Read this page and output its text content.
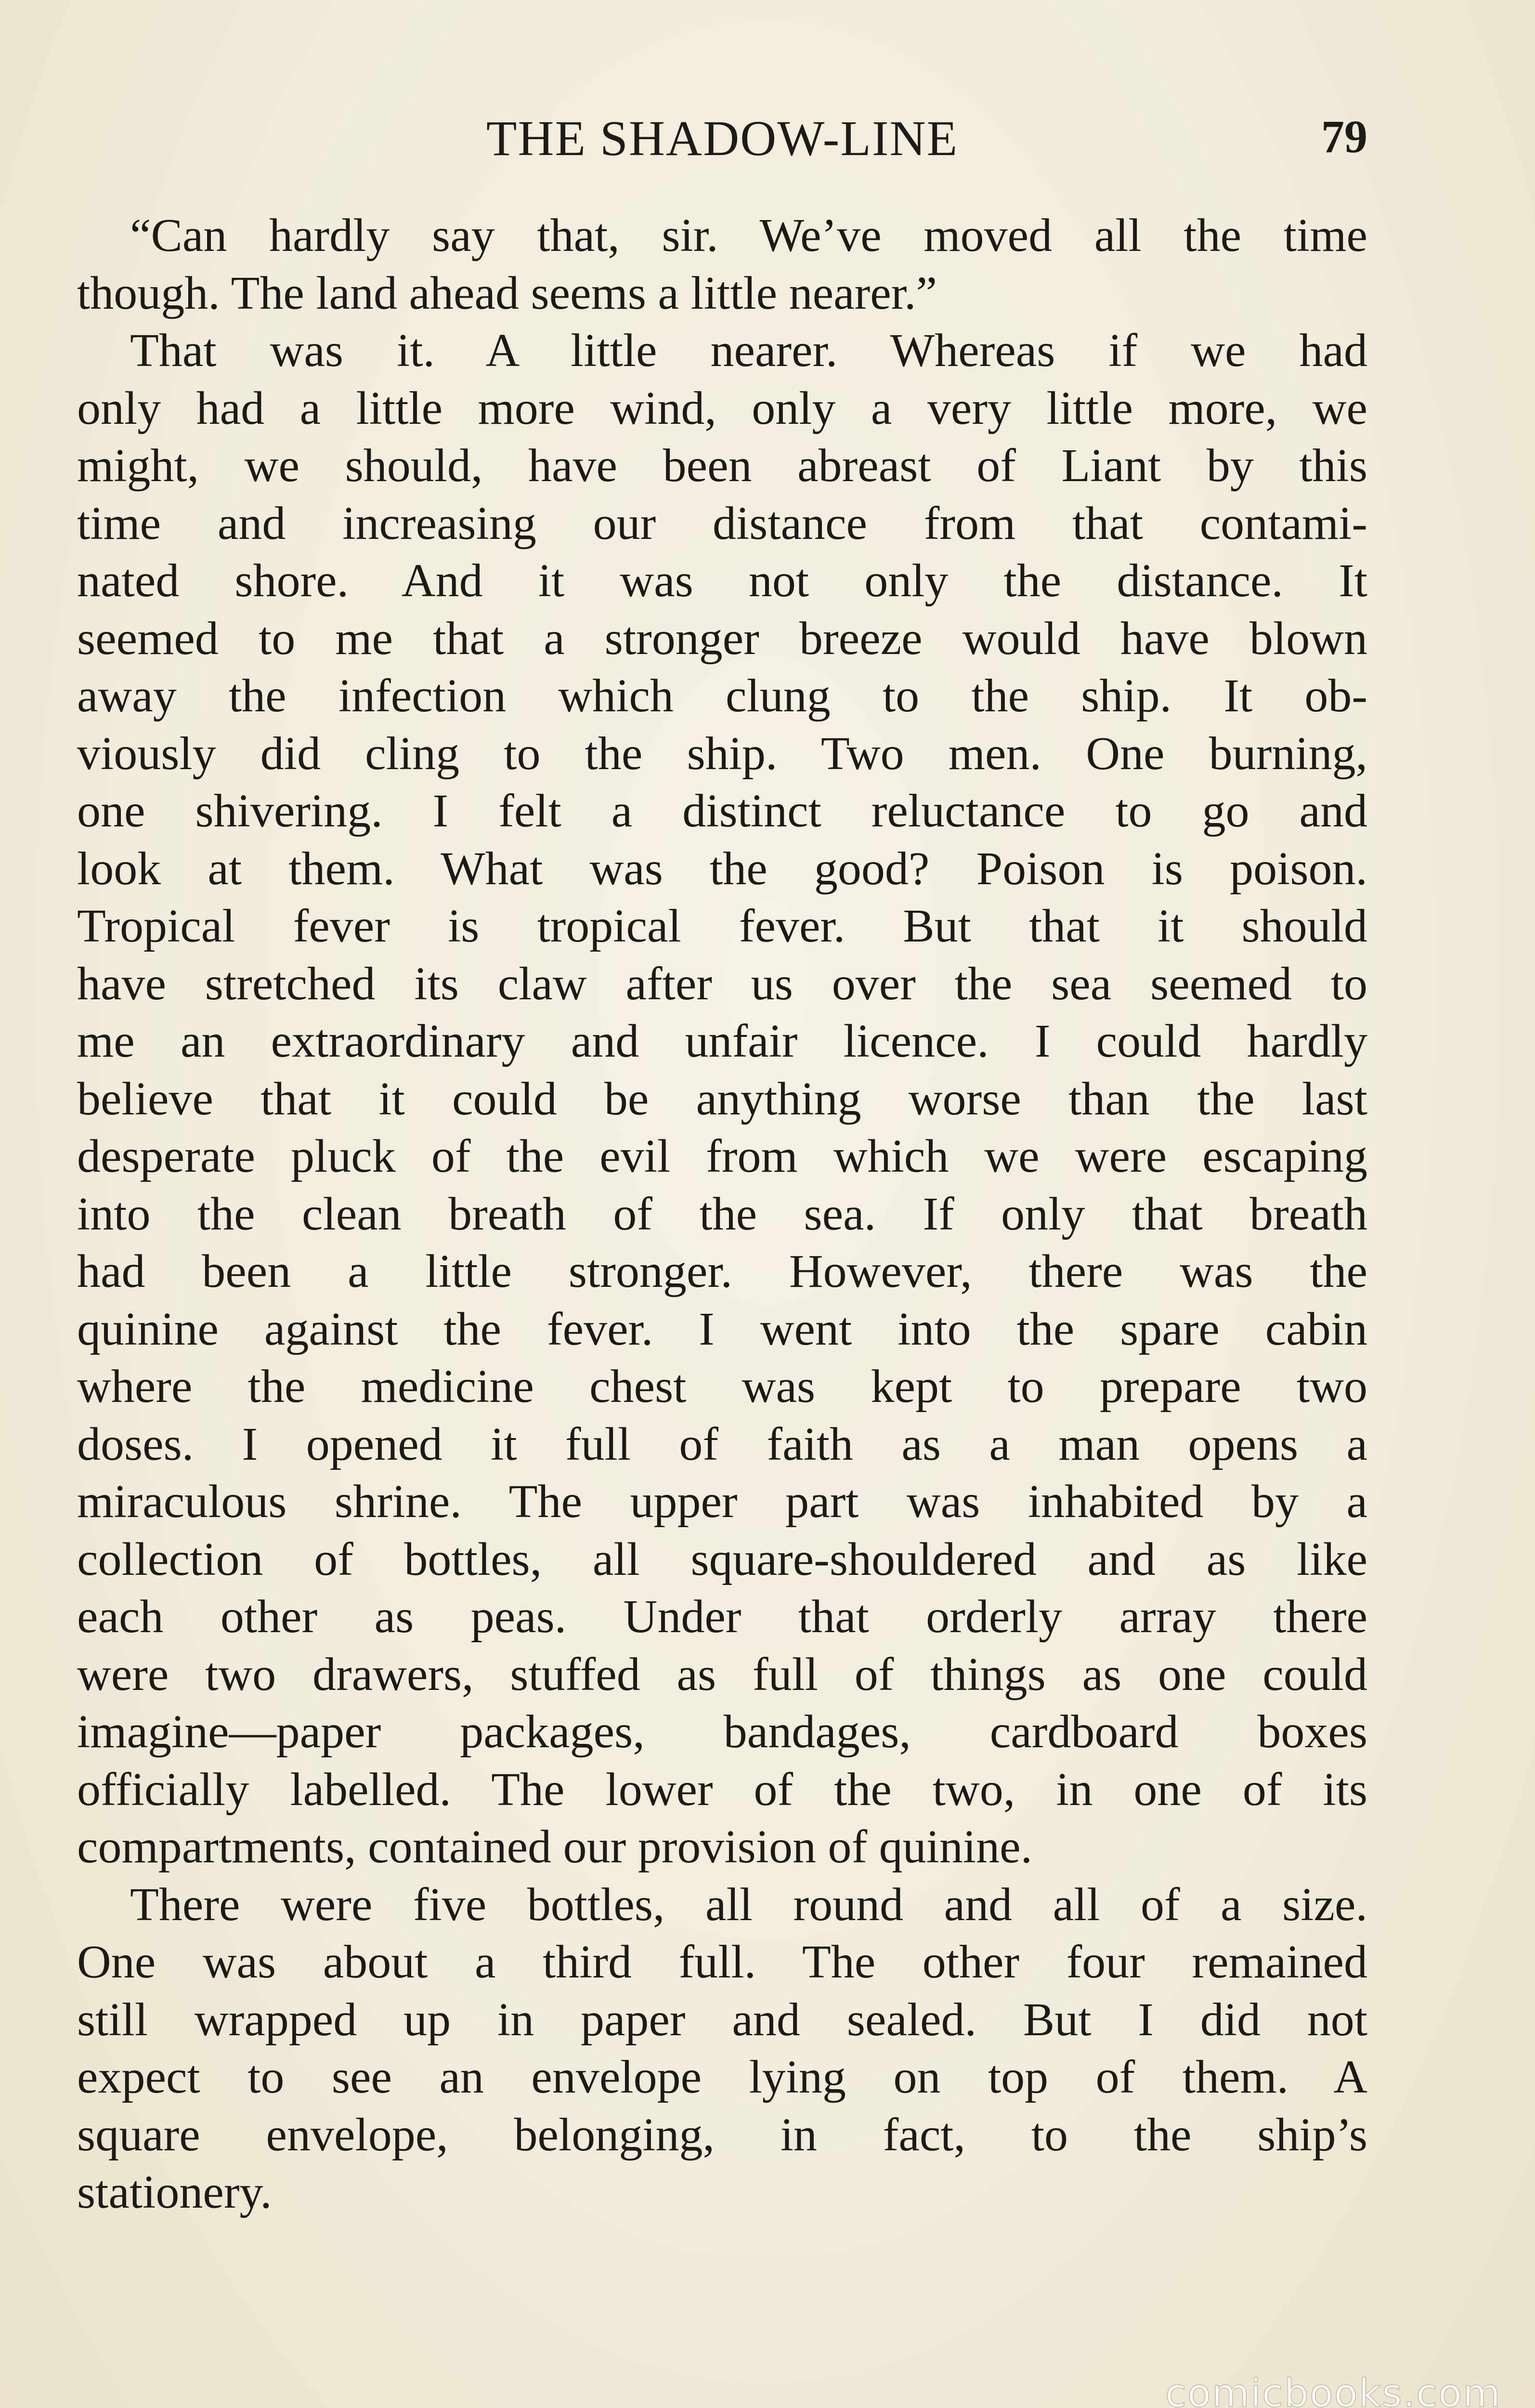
THE SHADOW-LINE	79
“Can hardly say that, sir. We’ve moved all the time
though. The land ahead seems a little nearer.”
That was it. A little nearer. Whereas if we had
only had a little more wind, only a very little more, we
might, we should, have been abreast of Liant by this
time and increasing our distance from that contami-
nated shore. And it was not only the distance. It
seemed to me that a stronger breeze would have blown
away the infection which clung to the ship. It ob-
viously did cling to the ship. Two men. One burning,
one shivering. I felt a distinct reluctance to go and
look at them. What was the good? Poison is poison.
Tropical fever is tropical fever. But that it should
have stretched its claw after us over the sea seemed to
me an extraordinary and unfair licence. I could hardly
believe that it could be anything worse than the last
desperate pluck of the evil from which we were escaping
into the clean breath of the sea. If only that breath
had been a little stronger. However, there was the
quinine against the fever. I went into the spare cabin
where the medicine chest was kept to prepare two
doses. I opened it full of faith as a man opens a
miraculous shrine. The upper part was inhabited by a
collection of bottles, all square-shouldered and as like
each other as peas. Under that orderly array there
were two drawers, stuffed as full of things as one could
imagine—paper packages, bandages, cardboard boxes
officially labelled. The lower of the two, in one of its
compartments, contained our provision of quinine.
There were five bottles, all round and all of a size.
One was about a third full. The other four remained
still wrapped up in paper and sealed. But I did not
expect to see an envelope lying on top of them. A
square envelope, belonging, in fact, to the ship’s
stationery.
comicbooks.com
